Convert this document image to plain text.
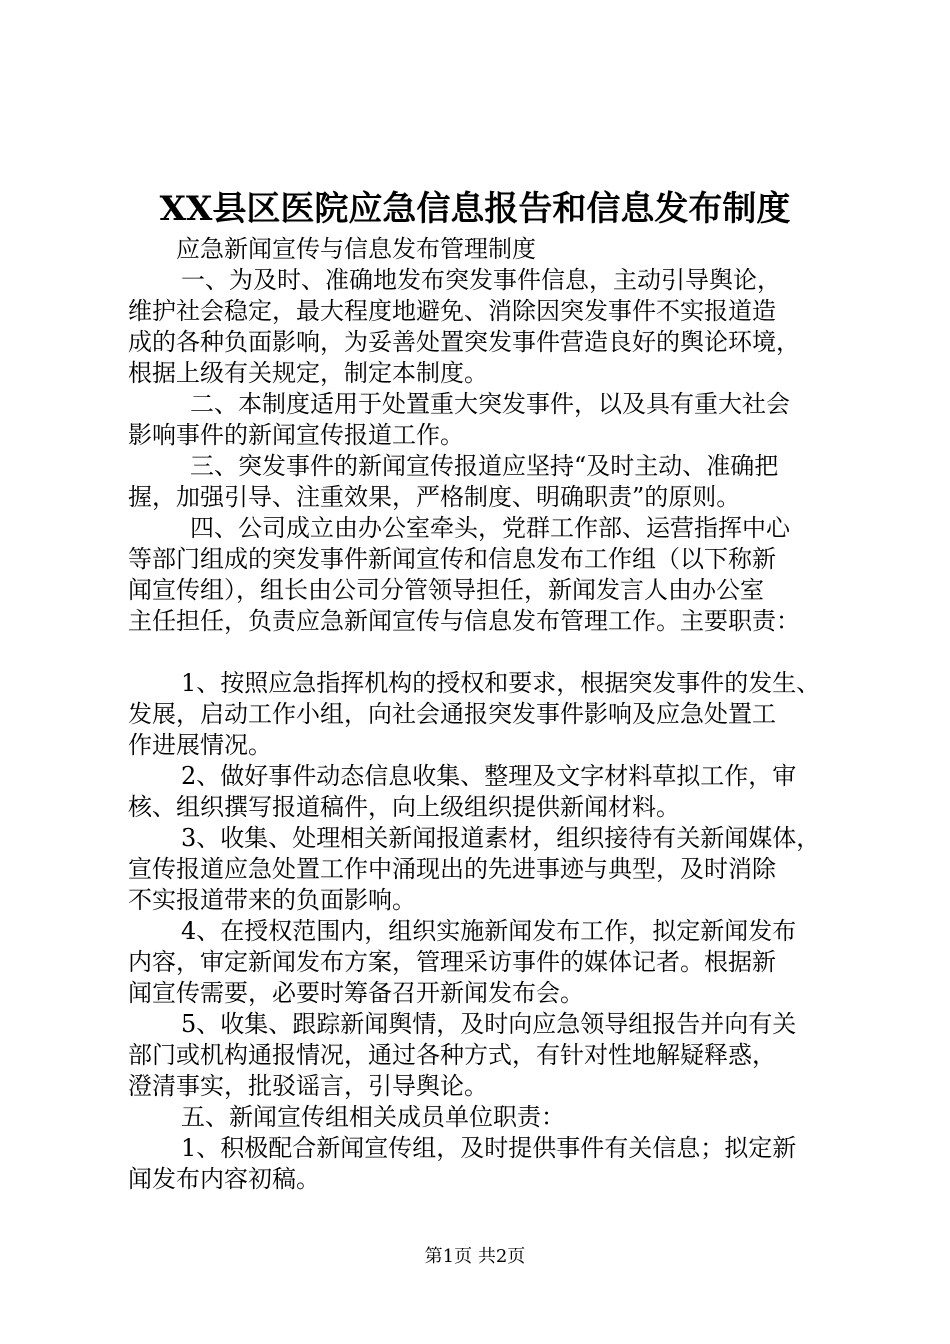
XX县区医院应急信息报告和信息发布制度
应急新闻宣传与信息发布管理制度
一、为及时、准确地发布突发事件信息，主动引导舆论，
维护社会稳定，最大程度地避免、消除因突发事件不实报道造
成的各种负面影响，为妥善处置突发事件营造良好的舆论环境，
根据上级有关规定，制定本制度。
二、本制度适用于处置重大突发事件，以及具有重大社会
影响事件的新闻宣传报道工作。
三、突发事件的新闻宣传报道应坚持“及时主动、准确把
握，加强引导、注重效果，严格制度、明确职责”的原则。
四、公司成立由办公室牵头，党群工作部、运营指挥中心
等部门组成的突发事件新闻宣传和信息发布工作组（以下称新
闻宣传组），组长由公司分管领导担任，新闻发言人由办公室
主任担任，负责应急新闻宣传与信息发布管理工作。主要职责：
1、按照应急指挥机构的授权和要求，根据突发事件的发生、
发展，启动工作小组，向社会通报突发事件影响及应急处置工
作进展情况。
2、做好事件动态信息收集、整理及文字材料草拟工作，审
核、组织撰写报道稿件，向上级组织提供新闻材料。
3、收集、处理相关新闻报道素材，组织接待有关新闻媒体，
宣传报道应急处置工作中涌现出的先进事迹与典型，及时消除
不实报道带来的负面影响。
4、在授权范围内，组织实施新闻发布工作，拟定新闻发布
内容，审定新闻发布方案，管理采访事件的媒体记者。根据新
闻宣传需要，必要时筹备召开新闻发布会。
5、收集、跟踪新闻舆情，及时向应急领导组报告并向有关
部门或机构通报情况，通过各种方式，有针对性地解疑释惑，
澄清事实，批驳谣言，引导舆论。
五、新闻宣传组相关成员单位职责：
1、积极配合新闻宣传组，及时提供事件有关信息；拟定新
闻发布内容初稿。
第1页 共2页
